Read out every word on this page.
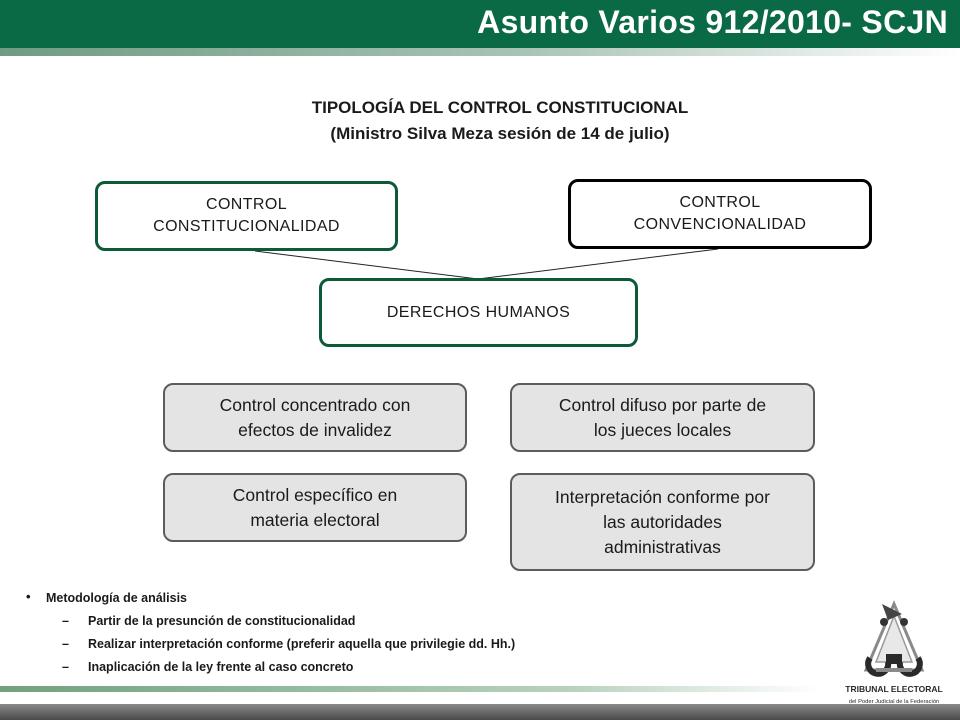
Asunto Varios 912/2010- SCJN
TIPOLOGÍA DEL CONTROL CONSTITUCIONAL
(Ministro Silva Meza sesión de 14 de julio)
CONTROL
CONSTITUCIONALIDAD
CONTROL
CONVENCIONALIDAD
DERECHOS HUMANOS
Control concentrado con
efectos de invalidez
Control difuso por parte de
los jueces locales
Control específico en
materia electoral
Interpretación conforme por
las autoridades
administrativas
• Metodología de análisis
– Partir de la presunción de constitucionalidad
– Realizar interpretación conforme (preferir aquella que privilegie dd. Hh.)
– Inaplicación de la ley frente al caso concreto
TRIBUNAL ELECTORAL
del Poder Judicial de la Federación
